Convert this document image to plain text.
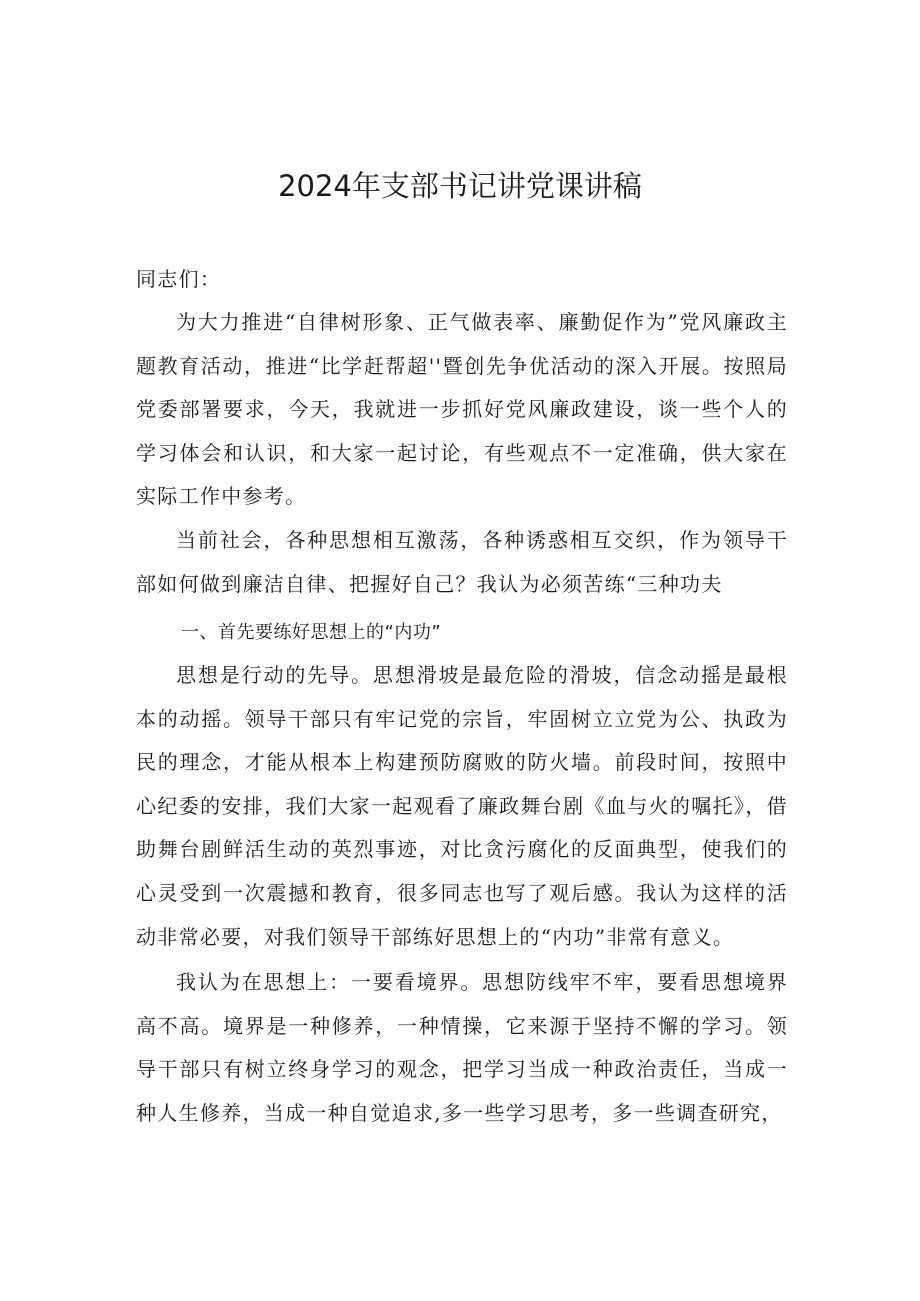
2024年支部书记讲党课讲稿

同志们：

为大力推进“自律树形象、正气做表率、廉勤促作为”党风廉政主题教育活动，推进“比学赶帮超''暨创先争优活动的深入开展。按照局党委部署要求，今天，我就进一步抓好党风廉政建设，谈一些个人的学习体会和认识，和大家一起讨论，有些观点不一定准确，供大家在实际工作中参考。

当前社会，各种思想相互激荡，各种诱惑相互交织，作为领导干部如何做到廉洁自律、把握好自己？我认为必须苦练“三种功夫

一、首先要练好思想上的“内功”

思想是行动的先导。思想滑坡是最危险的滑坡，信念动摇是最根本的动摇。领导干部只有牢记党的宗旨，牢固树立立党为公、执政为民的理念，才能从根本上构建预防腐败的防火墙。前段时间，按照中心纪委的安排，我们大家一起观看了廉政舞台剧《血与火的嘱托》，借助舞台剧鲜活生动的英烈事迹，对比贪污腐化的反面典型，使我们的心灵受到一次震撼和教育，很多同志也写了观后感。我认为这样的活动非常必要，对我们领导干部练好思想上的“内功”非常有意义。

我认为在思想上：一要看境界。思想防线牢不牢，要看思想境界高不高。境界是一种修养，一种情操，它来源于坚持不懈的学习。领导干部只有树立终身学习的观念，把学习当成一种政治责任，当成一种人生修养，当成一种自觉追求,多一些学习思考，多一些调查研究，
